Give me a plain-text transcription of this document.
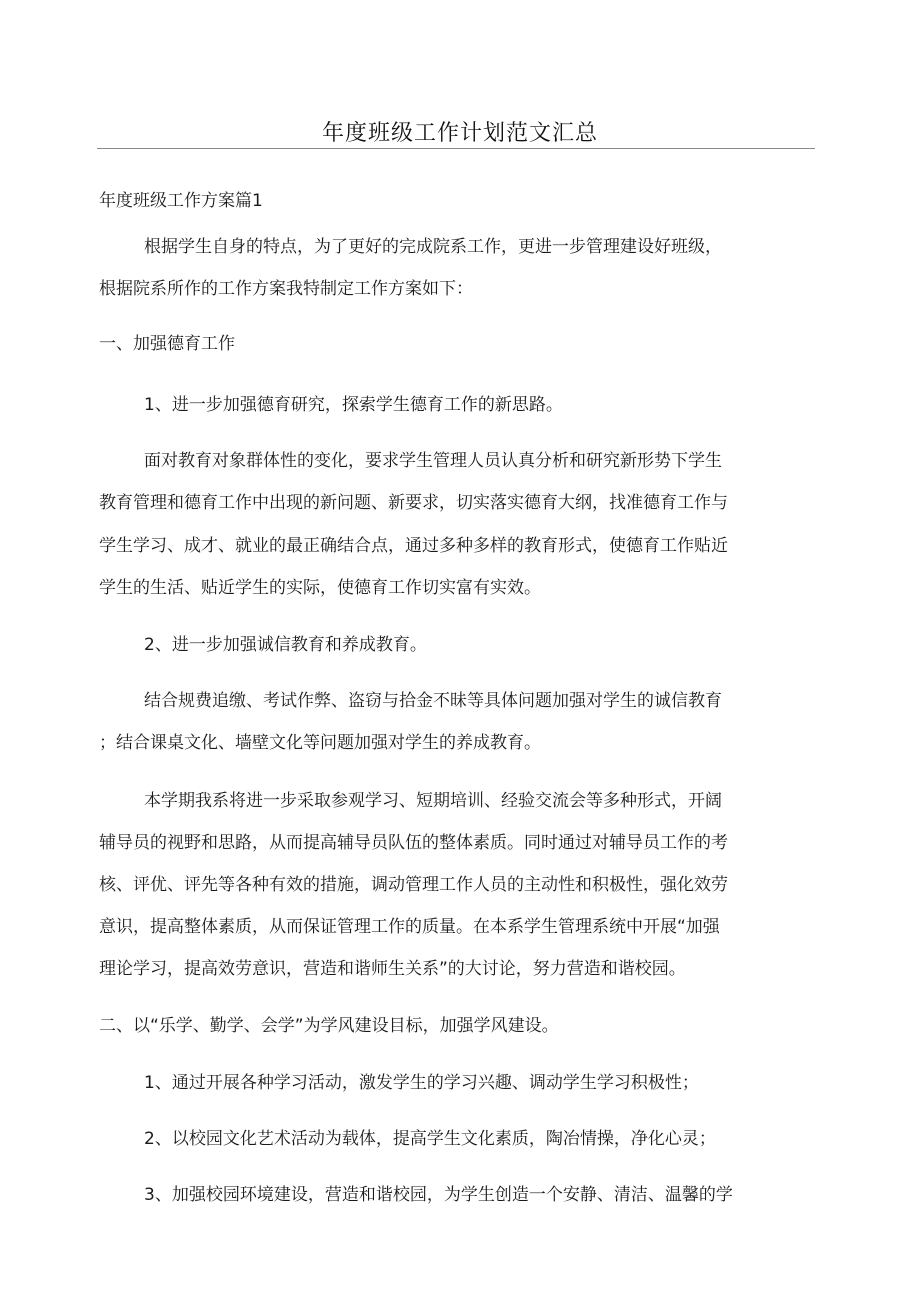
年度班级工作计划范文汇总
年度班级工作方案篇1
根据学生自身的特点，为了更好的完成院系工作，更进一步管理建设好班级，
根据院系所作的工作方案我特制定工作方案如下：
一、加强德育工作
1、进一步加强德育研究，探索学生德育工作的新思路。
面对教育对象群体性的变化，要求学生管理人员认真分析和研究新形势下学生
教育管理和德育工作中出现的新问题、新要求，切实落实德育大纲，找准德育工作与
学生学习、成才、就业的最正确结合点，通过多种多样的教育形式，使德育工作贴近
学生的生活、贴近学生的实际，使德育工作切实富有实效。
2、进一步加强诚信教育和养成教育。
结合规费追缴、考试作弊、盗窃与拾金不昧等具体问题加强对学生的诚信教育
；结合课桌文化、墙壁文化等问题加强对学生的养成教育。
本学期我系将进一步采取参观学习、短期培训、经验交流会等多种形式，开阔
辅导员的视野和思路，从而提高辅导员队伍的整体素质。同时通过对辅导员工作的考
核、评优、评先等各种有效的措施，调动管理工作人员的主动性和积极性，强化效劳
意识，提高整体素质，从而保证管理工作的质量。在本系学生管理系统中开展“加强
理论学习，提高效劳意识，营造和谐师生关系”的大讨论，努力营造和谐校园。
二、以“乐学、勤学、会学”为学风建设目标，加强学风建设。
1、通过开展各种学习活动，激发学生的学习兴趣、调动学生学习积极性；
2、以校园文化艺术活动为载体，提高学生文化素质，陶冶情操，净化心灵；
3、加强校园环境建设，营造和谐校园，为学生创造一个安静、清洁、温馨的学
